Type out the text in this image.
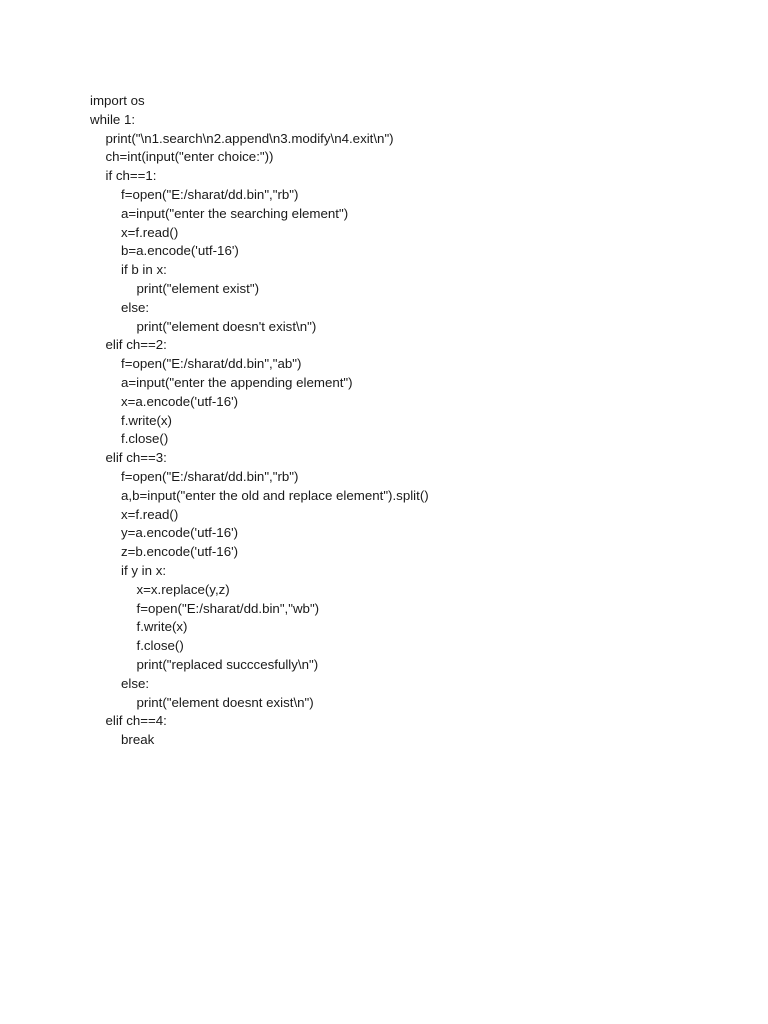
import os
while 1:
print("\n1.search\n2.append\n3.modify\n4.exit\n")
ch=int(input("enter choice:"))
if ch==1:
f=open("E:/sharat/dd.bin","rb")
a=input("enter the searching element")
x=f.read()
b=a.encode('utf-16')
if b in x:
print("element exist")
else:
print("element doesn't exist\n")
elif ch==2:
f=open("E:/sharat/dd.bin","ab")
a=input("enter the appending element")
x=a.encode('utf-16')
f.write(x)
f.close()
elif ch==3:
f=open("E:/sharat/dd.bin","rb")
a,b=input("enter the old and replace element").split()
x=f.read()
y=a.encode('utf-16')
z=b.encode('utf-16')
if y in x:
x=x.replace(y,z)
f=open("E:/sharat/dd.bin","wb")
f.write(x)
f.close()
print("replaced succcesfully\n")
else:
print("element doesnt exist\n")
elif ch==4:
break
